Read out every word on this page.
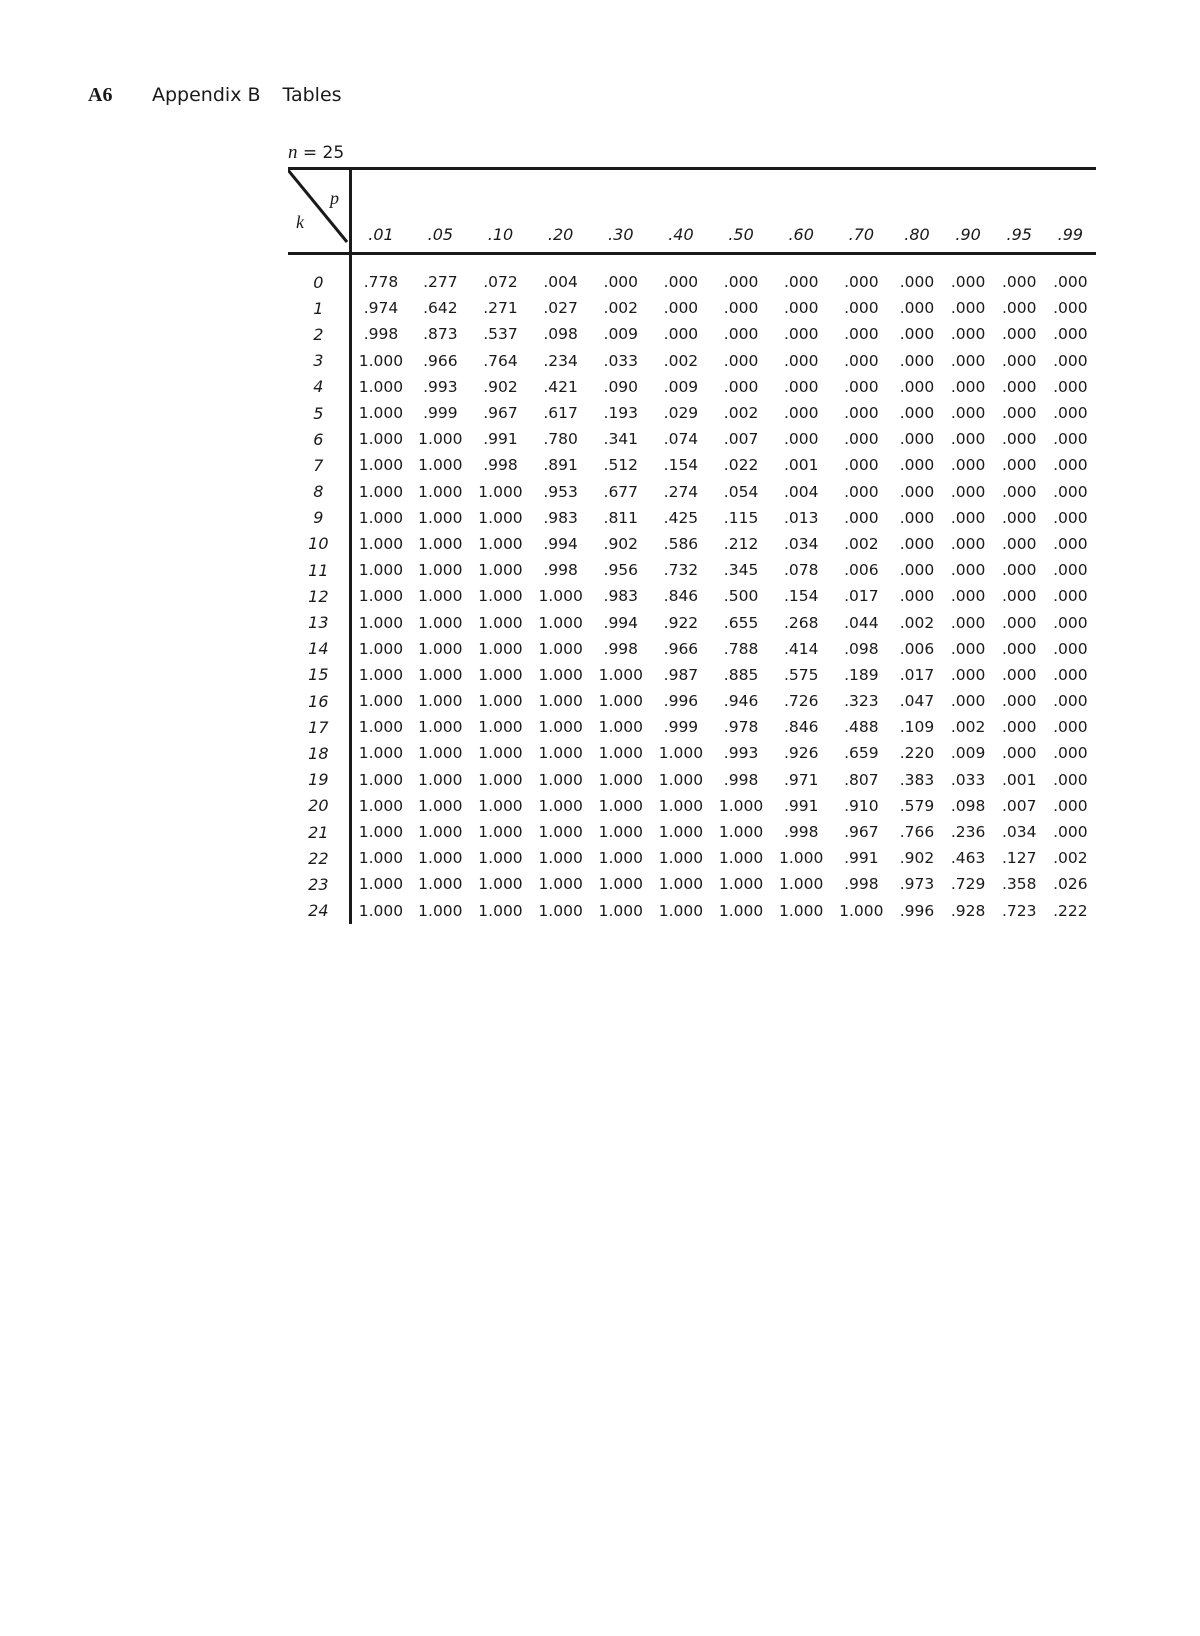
A6	Appendix B Tables
n = 25
p
k	.01	.05	.10	.20	.30	.40	.50	.60	.70	.80	.90	.95	.99
0	.778	.277	.072	.004	.000	.000	.000	.000	.000	.000	.000	.000	.000
1	.974	.642	.271	.027	.002	.000	.000	.000	.000	.000	.000	.000	.000
2	.998	.873	.537	.098	.009	.000	.000	.000	.000	.000	.000	.000	.000
3	1.000	.966	.764	.234	.033	.002	.000	.000	.000	.000	.000	.000	.000
4	1.000	.993	.902	.421	.090	.009	.000	.000	.000	.000	.000	.000	.000
5	1.000	.999	.967	.617	.193	.029	.002	.000	.000	.000	.000	.000	.000
6	1.000	1.000	.991	.780	.341	.074	.007	.000	.000	.000	.000	.000	.000
7	1.000	1.000	.998	.891	.512	.154	.022	.001	.000	.000	.000	.000	.000
8	1.000	1.000	1.000	.953	.677	.274	.054	.004	.000	.000	.000	.000	.000
9	1.000	1.000	1.000	.983	.811	.425	.115	.013	.000	.000	.000	.000	.000
10	1.000	1.000	1.000	.994	.902	.586	.212	.034	.002	.000	.000	.000	.000
11	1.000	1.000	1.000	.998	.956	.732	.345	.078	.006	.000	.000	.000	.000
12	1.000	1.000	1.000	1.000	.983	.846	.500	.154	.017	.000	.000	.000	.000
13	1.000	1.000	1.000	1.000	.994	.922	.655	.268	.044	.002	.000	.000	.000
14	1.000	1.000	1.000	1.000	.998	.966	.788	.414	.098	.006	.000	.000	.000
15	1.000	1.000	1.000	1.000	1.000	.987	.885	.575	.189	.017	.000	.000	.000
16	1.000	1.000	1.000	1.000	1.000	.996	.946	.726	.323	.047	.000	.000	.000
17	1.000	1.000	1.000	1.000	1.000	.999	.978	.846	.488	.109	.002	.000	.000
18	1.000	1.000	1.000	1.000	1.000	1.000	.993	.926	.659	.220	.009	.000	.000
19	1.000	1.000	1.000	1.000	1.000	1.000	.998	.971	.807	.383	.033	.001	.000
20	1.000	1.000	1.000	1.000	1.000	1.000	1.000	.991	.910	.579	.098	.007	.000
21	1.000	1.000	1.000	1.000	1.000	1.000	1.000	.998	.967	.766	.236	.034	.000
22	1.000	1.000	1.000	1.000	1.000	1.000	1.000	1.000	.991	.902	.463	.127	.002
23	1.000	1.000	1.000	1.000	1.000	1.000	1.000	1.000	.998	.973	.729	.358	.026
24	1.000	1.000	1.000	1.000	1.000	1.000	1.000	1.000	1.000	.996	.928	.723	.222
